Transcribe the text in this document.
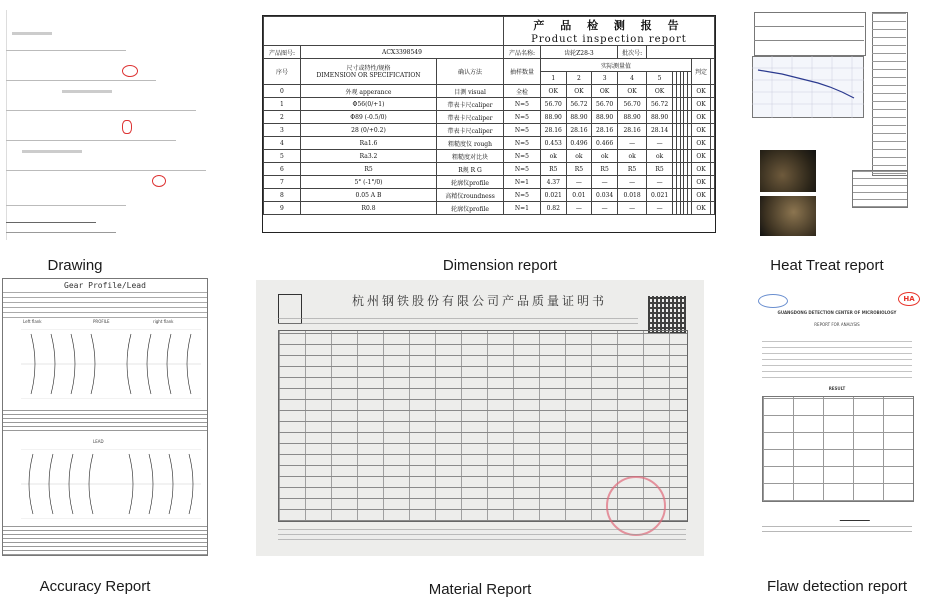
Drawing
			产 品 检 测 报 告												
			Product inspection report												
产品图号:	ACX3398549		产品名称:	齿轮Z28-3			批次号:								
序号	尺寸或特性/规格
DIMENSION OR SPECIFICATION	确认方法	抽样数量	实际测量值										判定	
				1	2	3	4	5							
0	外观 apperance	目测 visual	全检	OK	OK	OK	OK	OK						OK	
1	Φ56(0/+1)	带表卡尺caliper	N=5	56.70	56.72	56.70	56.70	56.72						OK	
2	Φ89 (-0.5/0)	带表卡尺caliper	N=5	88.90	88.90	88.90	88.90	88.90						OK	
3	28 (0/+0.2)	带表卡尺caliper	N=5	28.16	28.16	28.16	28.16	28.14						OK	
4	Ra1.6	粗糙度仪 rough	N=5	0.453	0.496	0.466	—	—						OK	
5	Ra3.2	粗糙度对比块	N=5	ok	ok	ok	ok	ok						OK	
6	R5	R规 R G	N=5	R5	R5	R5	R5	R5						OK	
7	5° (-1°/0)	轮廓仪profile	N=1	4.37	—	—	—	—						OK	
8	0.05 A B	高精仪roundness	N=5	0.021	0.01	0.034	0.018	0.021						OK	
9	R0.8	轮廓仪profile	N=1	0.82	—	—	—	—						OK	
Dimension report	Heat Treat report
Gear Profile/Lead
Left flank	PROFILE	right flank
LEAD
Accuracy Report
杭州钢铁股份有限公司产品质量证明书
Material Report
HA
GUANGDONG DETECTION CENTER OF MICROBIOLOGY
REPORT FOR ANALYSIS
RESULT
Flaw detection report
